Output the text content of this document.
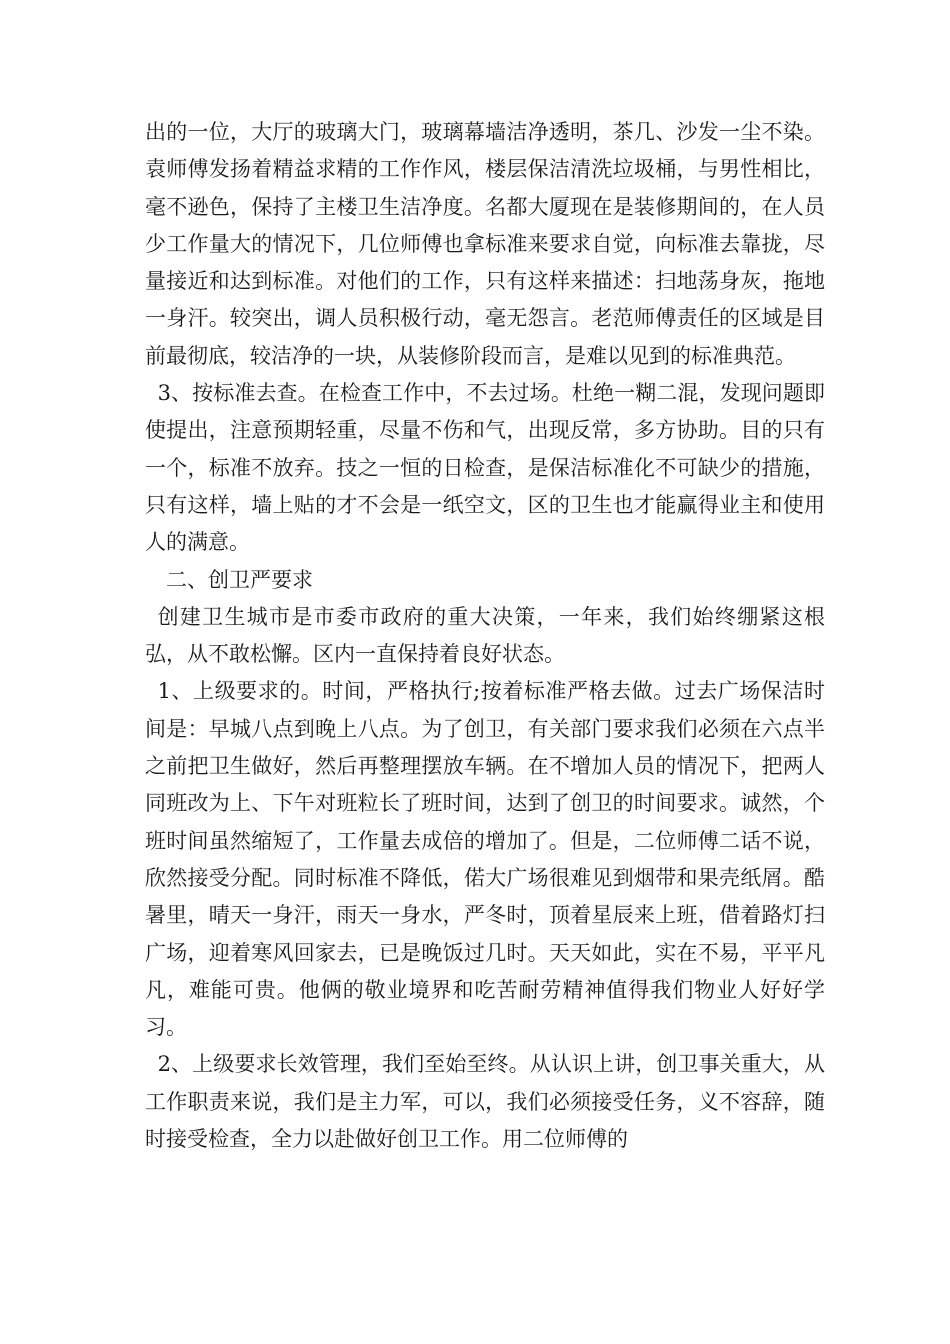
出的一位，大厅的玻璃大门，玻璃幕墙洁净透明，茶几、沙发一尘不染。袁师傅发扬着精益求精的工作作风，楼层保洁清洗垃圾桶，与男性相比，毫不逊色，保持了主楼卫生洁净度。名都大厦现在是装修期间的，在人员少工作量大的情况下，几位师傅也拿标准来要求自觉，向标准去靠拢，尽量接近和达到标准。对他们的工作，只有这样来描述：扫地荡身灰，拖地一身汗。较突出，调人员积极行动，毫无怨言。老范师傅责任的区域是目前最彻底，较洁净的一块，从装修阶段而言，是难以见到的标准典范。

3、按标准去查。在检查工作中，不去过场。杜绝一糊二混，发现问题即使提出，注意预期轻重，尽量不伤和气，出现反常，多方协助。目的只有一个，标准不放弃。技之一恒的日检查，是保洁标准化不可缺少的措施，只有这样，墙上贴的才不会是一纸空文，区的卫生也才能赢得业主和使用人的满意。

二、创卫严要求

创建卫生城市是市委市政府的重大决策，一年来，我们始终绷紧这根弘，从不敢松懈。区内一直保持着良好状态。

1、上级要求的。时间，严格执行;按着标准严格去做。过去广场保洁时间是：早城八点到晚上八点。为了创卫，有关部门要求我们必须在六点半之前把卫生做好，然后再整理摆放车辆。在不增加人员的情况下，把两人同班改为上、下午对班粒长了班时间，达到了创卫的时间要求。诚然，个班时间虽然缩短了，工作量去成倍的增加了。但是，二位师傅二话不说，欣然接受分配。同时标准不降低，偌大广场很难见到烟带和果壳纸屑。酷暑里，晴天一身汗，雨天一身水，严冬时，顶着星辰来上班，借着路灯扫广场，迎着寒风回家去，已是晚饭过几时。天天如此，实在不易，平平凡凡，难能可贵。他俩的敬业境界和吃苦耐劳精神值得我们物业人好好学习。

2、上级要求长效管理，我们至始至终。从认识上讲，创卫事关重大，从工作职责来说，我们是主力军，可以，我们必须接受任务，义不容辞，随时接受检查，全力以赴做好创卫工作。用二位师傅的
